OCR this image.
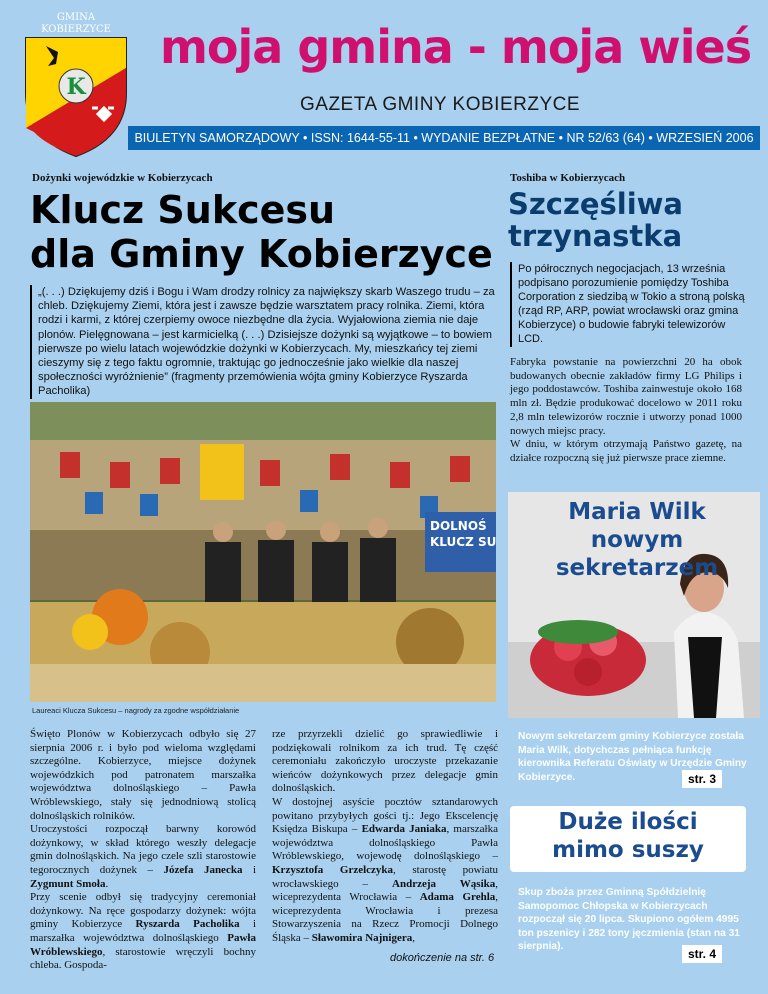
GMINA
KOBIERZYCE
K
moja gmina - moja wieś
GAZETA GMINY KOBIERZYCE
BIULETYN SAMORZĄDOWY • ISSN: 1644-55-11 • WYDANIE BEZPŁATNE • NR 52/63 (64) • WRZESIEŃ 2006
Dożynki wojewódzkie w Kobierzycach
Klucz Sukcesu
dla Gminy Kobierzyce
„(. . .) Dziękujemy dziś i Bogu i Wam drodzy rolnicy za największy skarb Waszego trudu – za chleb. Dziękujemy Ziemi, która jest i zawsze będzie warsztatem pracy rolnika. Ziemi, która rodzi i karmi, z której czerpiemy owoce niezbędne dla życia. Wyjałowiona ziemia nie daje plonów. Pielęgnowana – jest karmicielką (. . .) Dzisiejsze dożynki są wyjątkowe – to bowiem pierwsze po wielu latach wojewódzkie dożynki w Kobierzycach. My, mieszkańcy tej ziemi cieszymy się z tego faktu ogromnie, traktując go jednocześnie jako wielkie dla naszej społeczności wyróżnienie” (fragmenty przemówienia wójta gminy Kobierzyce Ryszarda Pacholika)
DOLNOŚ
KLUCZ SU
Laureaci Klucza Sukcesu – nagrody za zgodne współdziałanie
Święto Plonów w Kobierzycach odbyło się 27 sierpnia 2006 r. i było pod wieloma względami szczególne. Kobierzyce, miejsce dożynek wojewódzkich pod patronatem marszałka województwa dolnośląskiego – Pawła Wróblewskiego, stały się jednodniową stolicą dolnośląskich rolników.
Uroczystości rozpoczął barwny korowód dożynkowy, w skład którego weszły delegacje gmin dolnośląskich. Na jego czele szli starostowie tegorocznych dożynek – Józefa Janecka i Zygmunt Smoła.
Przy scenie odbył się tradycyjny ceremoniał dożynkowy. Na ręce gospodarzy dożynek: wójta gminy Kobierzyce Ryszarda Pacholika i marszałka województwa dolnośląskiego Pawła Wróblewskiego, starostowie wręczyli bochny chleba. Gospoda-
rze przyrzekli dzielić go sprawiedliwie i podziękowali rolnikom za ich trud. Tę część ceremoniału zakończyło uroczyste przekazanie wieńców dożynkowych przez delegacje gmin dolnośląskich.
W dostojnej asyście pocztów sztandarowych powitano przybyłych gości tj.: Jego Ekscelencję Księdza Biskupa – Edwarda Janiaka, marszałka województwa dolnośląskiego Pawła Wróblewskiego, wojewodę dolnośląskiego – Krzysztofa Grzelczyka, starostę powiatu wrocławskiego – Andrzeja Wąsika, wiceprezydenta Wrocławia – Adama Grehla, wiceprezydenta Wrocławia i prezesa Stowarzyszenia na Rzecz Promocji Dolnego Śląska – Sławomira Najnigera,
dokończenie na str. 6
Toshiba w Kobierzycach
Szczęśliwa
trzynastka
Po półrocznych negocjacjach, 13 września podpisano porozumienie pomiędzy Toshiba Corporation z siedzibą w Tokio a stroną polską (rząd RP, ARP, powiat wrocławski oraz gmina Kobierzyce) o budowie fabryki telewizorów LCD.
Fabryka powstanie na powierzchni 20 ha obok budowanych obecnie zakładów firmy LG Philips i jego poddostawców. Toshiba zainwestuje około 168 mln zł. Będzie produkować docelowo w 2011 roku 2,8 mln telewizorów rocznie i utworzy ponad 1000 nowych miejsc pracy.
W dniu, w którym otrzymają Państwo gazetę, na działce rozpoczną się już pierwsze prace ziemne.
Maria Wilk
nowym sekretarzem
Nowym sekretarzem gminy Kobierzyce została Maria Wilk, dotychczas pełniąca funkcję kierownika Referatu Oświaty w Urzędzie Gminy Kobierzyce.	str. 3
Duże ilości
mimo suszy
Skup zboża przez Gminną Spółdzielnię Samopomoc Chłopska w Kobierzycach rozpoczął się 20 lipca. Skupiono ogółem 4995 ton pszenicy i 282 tony jęczmienia (stan na 31 sierpnia).
str. 4
